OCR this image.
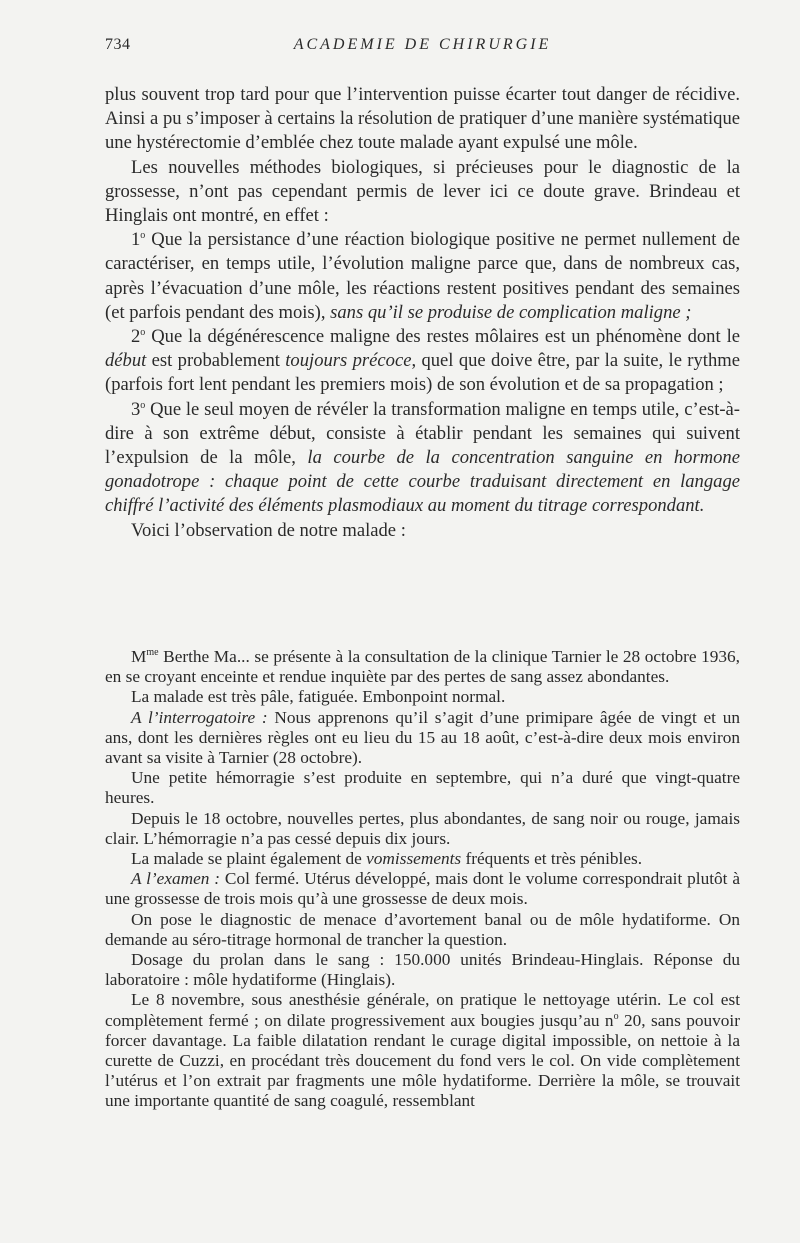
734	ACADEMIE DE CHIRURGIE

plus souvent trop tard pour que l’intervention puisse écarter tout danger de récidive. Ainsi a pu s’imposer à certains la résolution de pratiquer d’une manière systématique une hystérectomie d’emblée chez toute malade ayant expulsé une môle.

Les nouvelles méthodes biologiques, si précieuses pour le diagnostic de la grossesse, n’ont pas cependant permis de lever ici ce doute grave. Brindeau et Hinglais ont montré, en effet :

1$^o$ Que la persistance d’une réaction biologique positive ne permet nullement de caractériser, en temps utile, l’évolution maligne parce que, dans de nombreux cas, après l’évacuation d’une môle, les réactions restent positives pendant des semaines (et parfois pendant des mois), sans qu’il se produise de complication maligne ;

2$^o$ Que la dégénérescence maligne des restes môlaires est un phénomène dont le début est probablement toujours précoce, quel que doive être, par la suite, le rythme (parfois fort lent pendant les premiers mois) de son évolution et de sa propagation ;

3$^o$ Que le seul moyen de révéler la transformation maligne en temps utile, c’est-à-dire à son extrême début, consiste à établir pendant les semaines qui suivent l’expulsion de la môle, la courbe de la concentration sanguine en hormone gonadotrope : chaque point de cette courbe traduisant directement en langage chiffré l’activité des éléments plasmodiaux au moment du titrage correspondant.

Voici l’observation de notre malade :

$M^{me}$ Berthe Ma... se présente à la consultation de la clinique Tarnier le 28 octobre 1936, en se croyant enceinte et rendue inquiète par des pertes de sang assez abondantes.

La malade est très pâle, fatiguée. Embonpoint normal.

A l’interrogatoire : Nous apprenons qu’il s’agit d’une primipare âgée de vingt et un ans, dont les dernières règles ont eu lieu du 15 au 18 août, c’est-à-dire deux mois environ avant sa visite à Tarnier (28 octobre).

Une petite hémorragie s’est produite en septembre, qui n’a duré que vingt-quatre heures.

Depuis le 18 octobre, nouvelles pertes, plus abondantes, de sang noir ou rouge, jamais clair. L’hémorragie n’a pas cessé depuis dix jours.

La malade se plaint également de vomissements fréquents et très pénibles.

A l’examen : Col fermé. Utérus développé, mais dont le volume correspondrait plutôt à une grossesse de trois mois qu’à une grossesse de deux mois.

On pose le diagnostic de menace d’avortement banal ou de môle hydatiforme. On demande au séro-titrage hormonal de trancher la question.

Dosage du prolan dans le sang : 150.000 unités Brindeau-Hinglais. Réponse du laboratoire : môle hydatiforme (Hinglais).

Le 8 novembre, sous anesthésie générale, on pratique le nettoyage utérin. Le col est complètement fermé ; on dilate progressivement aux bougies jusqu’au $n^o$ 20, sans pouvoir forcer davantage. La faible dilatation rendant le curage digital impossible, on nettoie à la curette de Cuzzi, en procédant très doucement du fond vers le col. On vide complètement l’utérus et l’on extrait par fragments une môle hydatiforme. Derrière la môle, se trouvait une importante quantité de sang coagulé, ressemblant
